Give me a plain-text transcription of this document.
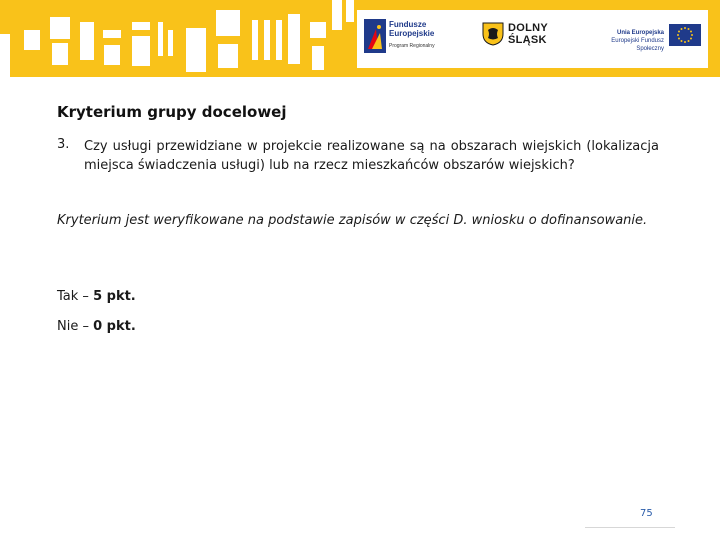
Fundusze
Europejskie
Program Regionalny
DOLNY
ŚLĄSK
Unia Europejska
Europejski Fundusz Społeczny
Kryterium grupy docelowej
3. Czy usługi przewidziane w projekcie realizowane są na obszarach wiejskich (lokalizacja miejsca świadczenia usługi) lub na rzecz mieszkańców obszarów wiejskich?
Kryterium jest weryfikowane na podstawie zapisów w części D. wniosku o dofinansowanie.
Tak – 5 pkt.
Nie – 0 pkt.
75
